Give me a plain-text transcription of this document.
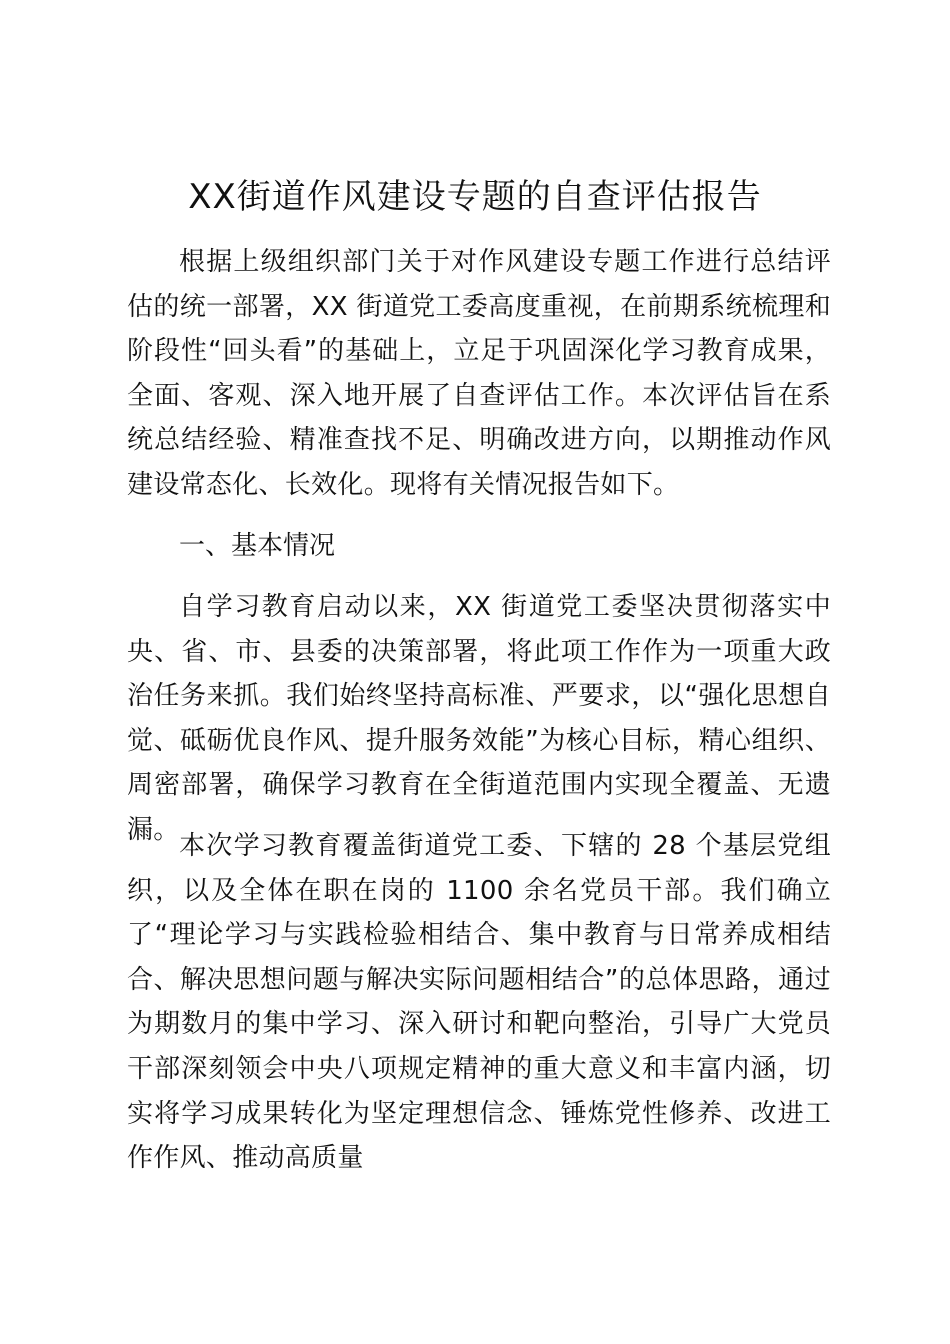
XX街道作风建设专题的自查评估报告

根据上级组织部门关于对作风建设专题工作进行总结评估的统一部署，XX 街道党工委高度重视，在前期系统梳理和阶段性“回头看”的基础上，立足于巩固深化学习教育成果，全面、客观、深入地开展了自查评估工作。本次评估旨在系统总结经验、精准查找不足、明确改进方向，以期推动作风建设常态化、长效化。现将有关情况报告如下。

一、基本情况

自学习教育启动以来，XX 街道党工委坚决贯彻落实中央、省、市、县委的决策部署，将此项工作作为一项重大政治任务来抓。我们始终坚持高标准、严要求，以“强化思想自觉、砥砺优良作风、提升服务效能”为核心目标，精心组织、周密部署，确保学习教育在全街道范围内实现全覆盖、无遗漏。

本次学习教育覆盖街道党工委、下辖的 28 个基层党组织，以及全体在职在岗的 1100 余名党员干部。我们确立了“理论学习与实践检验相结合、集中教育与日常养成相结合、解决思想问题与解决实际问题相结合”的总体思路，通过为期数月的集中学习、深入研讨和靶向整治，引导广大党员干部深刻领会中央八项规定精神的重大意义和丰富内涵，切实将学习成果转化为坚定理想信念、锤炼党性修养、改进工作作风、推动高质量
